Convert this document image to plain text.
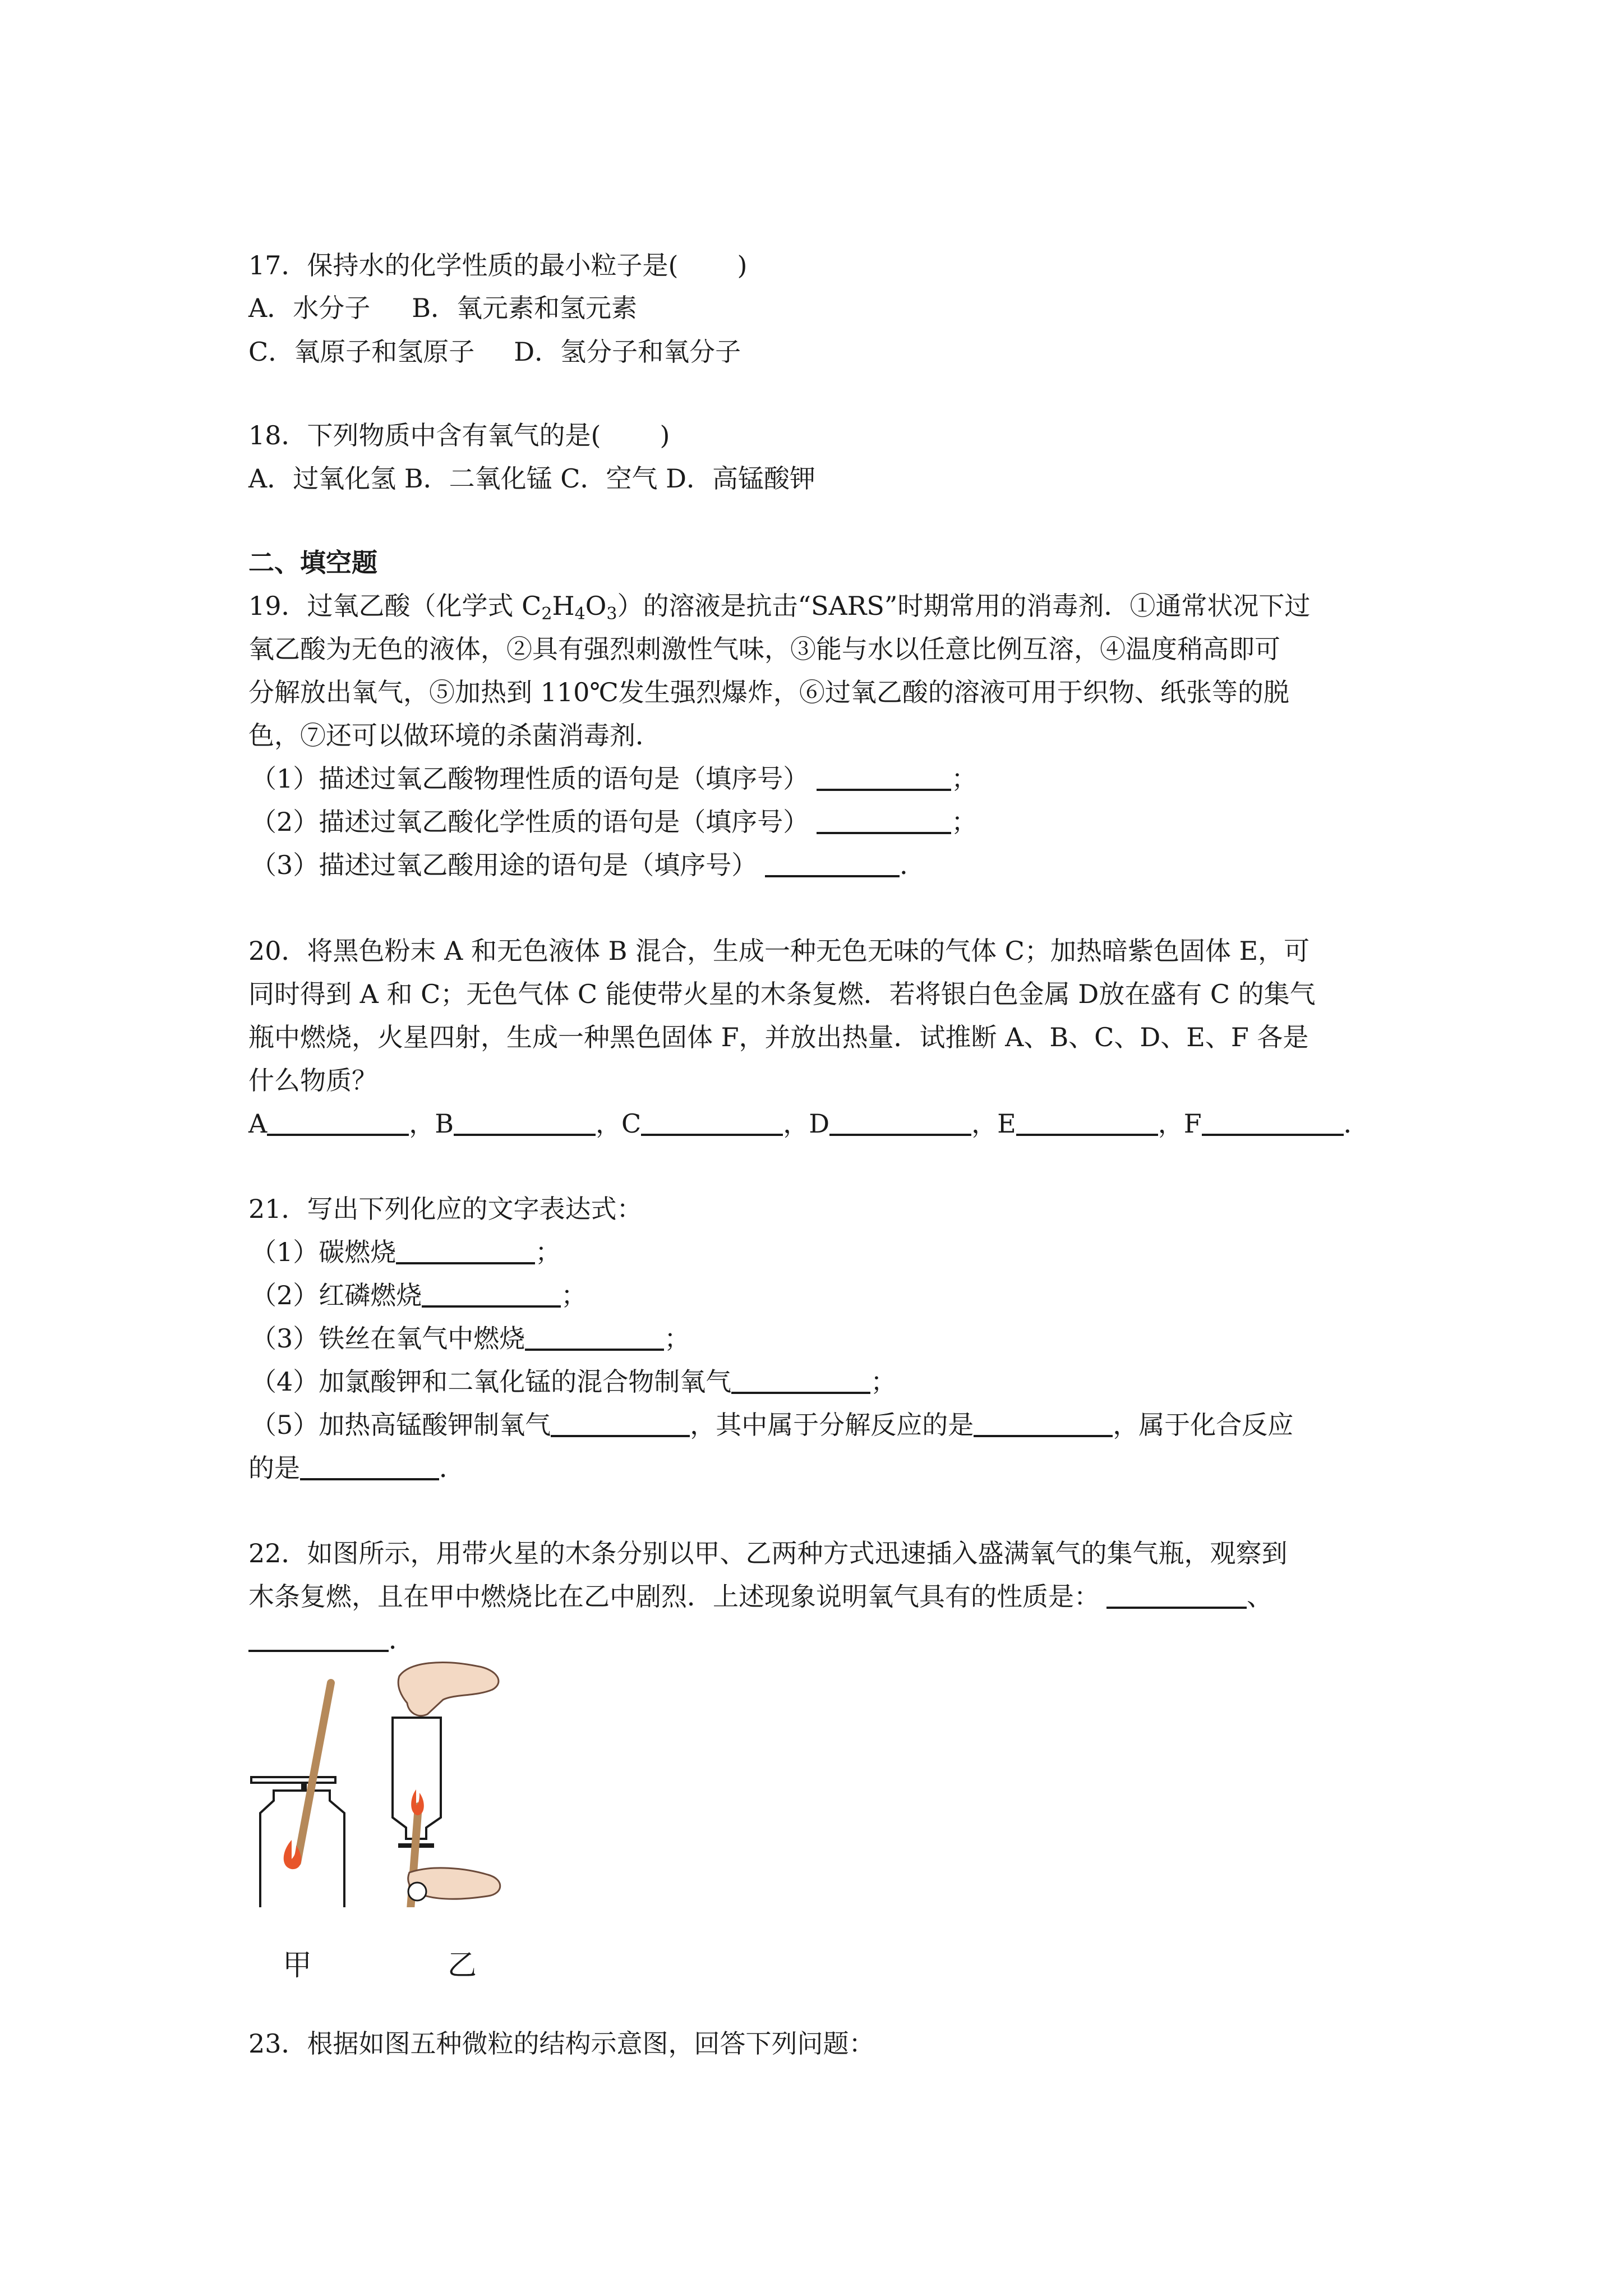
17．保持水的化学性质的最小粒子是( )
A．水分子 B．氧元素和氢元素
C．氧原子和氢原子 D．氢分子和氧分子
18．下列物质中含有氧气的是( )
A．过氧化氢 B．二氧化锰 C．空气 D．高锰酸钾
二、填空题
19．过氧乙酸（化学式 $C_2H_4O_3$）的溶液是抗击“SARS”时期常用的消毒剂．①通常状况下过
氧乙酸为无色的液体，②具有强烈刺激性气味，③能与水以任意比例互溶，④温度稍高即可
分解放出氧气，⑤加热到 110℃发生强烈爆炸，⑥过氧乙酸的溶液可用于织物、纸张等的脱
色，⑦还可以做环境的杀菌消毒剂．
（1）描述过氧乙酸物理性质的语句是（填序号）	；
（2）描述过氧乙酸化学性质的语句是（填序号）	；
（3）描述过氧乙酸用途的语句是（填序号）	．
20．将黑色粉末 A 和无色液体 B 混合，生成一种无色无味的气体 C；加热暗紫色固体 E，可
同时得到 A 和 C；无色气体 C 能使带火星的木条复燃．若将银白色金属 D放在盛有 C 的集气
瓶中燃烧，火星四射，生成一种黑色固体 F，并放出热量．试推断 A、B、C、D、E、F 各是
什么物质？
A	，B	，C	，D	，E	，F	．
21．写出下列化应的文字表达式：
（1）碳燃烧	；
（2）红磷燃烧	；
（3）铁丝在氧气中燃烧	；
（4）加氯酸钾和二氧化锰的混合物制氧气	；
（5）加热高锰酸钾制氧气	，其中属于分解反应的是	，属于化合反应
的是	．
22．如图所示，用带火星的木条分别以甲、乙两种方式迅速插入盛满氧气的集气瓶，观察到
木条复燃，且在甲中燃烧比在乙中剧烈．上述现象说明氧气具有的性质是：	、
．
甲	乙
23．根据如图五种微粒的结构示意图，回答下列问题：
